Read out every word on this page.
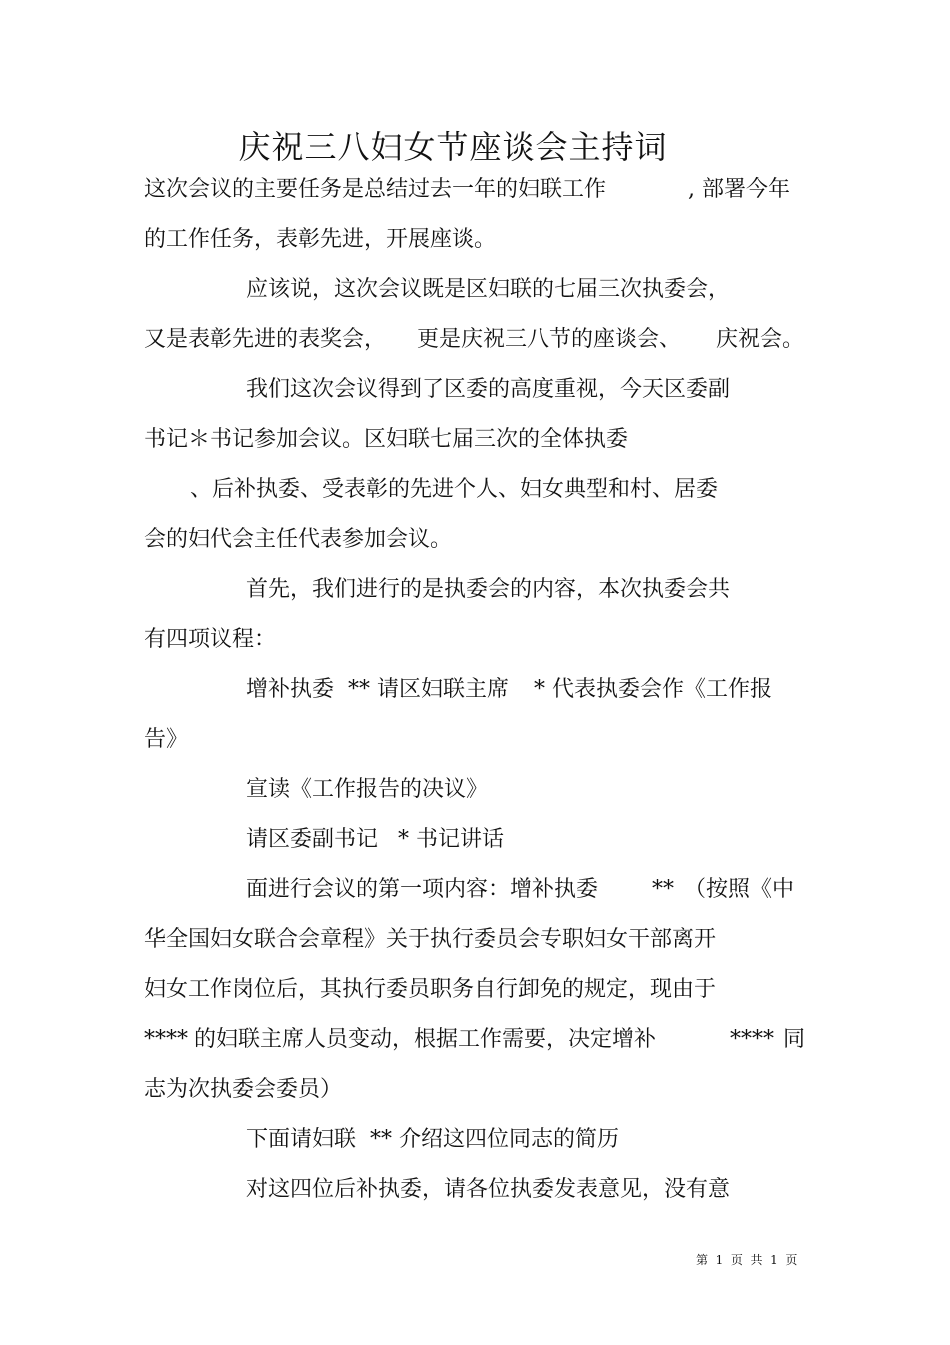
庆祝三八妇女节座谈会主持词
这次会议的主要任务是总结过去一年的妇联工作	, 部署今年
的工作任务，表彰先进，开展座谈。
应该说，这次会议既是区妇联的七届三次执委会，
又是表彰先进的表奖会， 更是庆祝三八节的座谈会、 庆祝会。
我们这次会议得到了区委的高度重视，今天区委副
书记＊书记参加会议。区妇联七届三次的全体执委
、后补执委、受表彰的先进个人、妇女典型和村、居委
会的妇代会主任代表参加会议。
首先，我们进行的是执委会的内容，本次执委会共
有四项议程：
增补执委  ** 请区妇联主席 * 代表执委会作《工作报
告》
宣读《工作报告的决议》
请区委副书记 * 书记讲话
面进行会议的第一项内容：增补执委 ** （按照《中
华全国妇女联合会章程》关于执行委员会专职妇女干部离开
妇女工作岗位后，其执行委员职务自行卸免的规定，现由于
**** 的妇联主席人员变动，根据工作需要，决定增补	**** 同
志为次执委会委员）
下面请妇联  ** 介绍这四位同志的简历
对这四位后补执委，请各位执委发表意见，没有意
第  1  页  共  1  页
